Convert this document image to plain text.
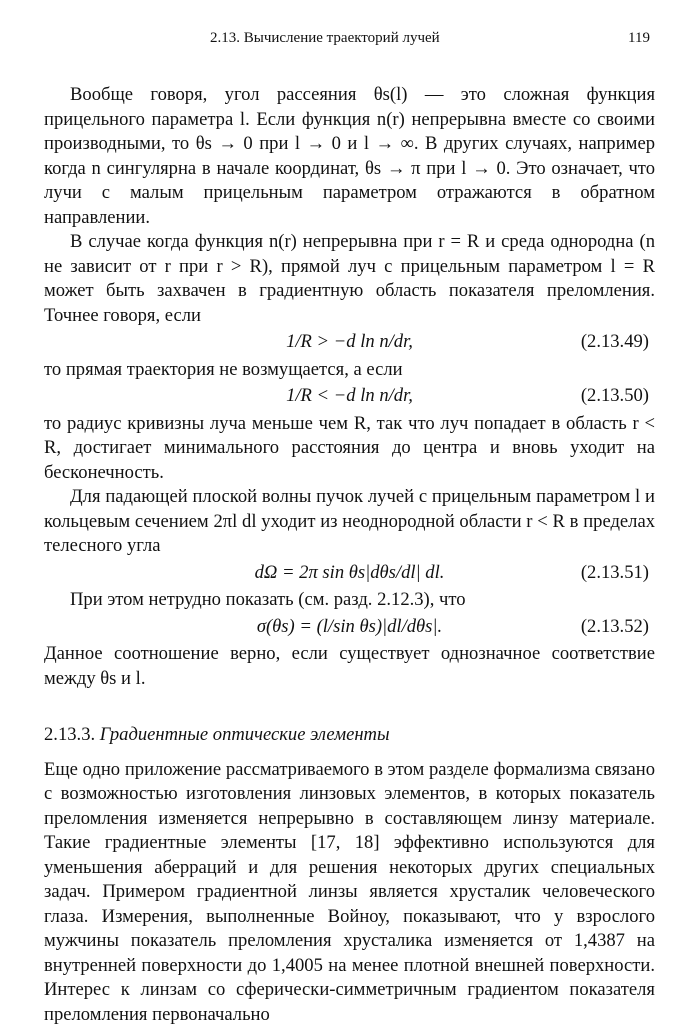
2.13. Вычисление траекторий лучей	119

Вообще говоря, угол рассеяния θs(l) — это сложная функция прицельного параметра l. Если функция n(r) непрерывна вместе со своими производными, то θs → 0 при l → 0 и l → ∞. В других случаях, например когда n сингулярна в начале координат, θs → π при l → 0. Это означает, что лучи с малым прицельным параметром отражаются в обратном направлении.

В случае когда функция n(r) непрерывна при r = R и среда однородна (n не зависит от r при r > R), прямой луч с прицельным параметром l = R может быть захвачен в градиентную область показателя преломления. Точнее говоря, если

1/R > −d ln n/dr,	(2.13.49)

то прямая траектория не возмущается, а если

1/R < −d ln n/dr,	(2.13.50)

то радиус кривизны луча меньше чем R, так что луч попадает в область r < R, достигает минимального расстояния до центра и вновь уходит на бесконечность.

Для падающей плоской волны пучок лучей с прицельным параметром l и кольцевым сечением 2πl dl уходит из неоднородной области r < R в пределах телесного угла

dΩ = 2π sin θs|dθs/dl| dl.	(2.13.51)

При этом нетрудно показать (см. разд. 2.12.3), что

σ(θs) = (l/sin θs)|dl/dθs|.	(2.13.52)

Данное соотношение верно, если существует однозначное соответствие между θs и l.

2.13.3. Градиентные оптические элементы

Еще одно приложение рассматриваемого в этом разделе формализма связано с возможностью изготовления линзовых элементов, в которых показатель преломления изменяется непрерывно в составляющем линзу материале. Такие градиентные элементы [17, 18] эффективно используются для уменьшения аберраций и для решения некоторых других специальных задач. Примером градиентной линзы является хрусталик человеческого глаза. Измерения, выполненные Войноу, показывают, что у взрослого мужчины показатель преломления хрусталика изменяется от 1,4387 на внутренней поверхности до 1,4005 на менее плотной внешней поверхности. Интерес к линзам со сферически-симметричным градиентом показателя преломления первоначально
